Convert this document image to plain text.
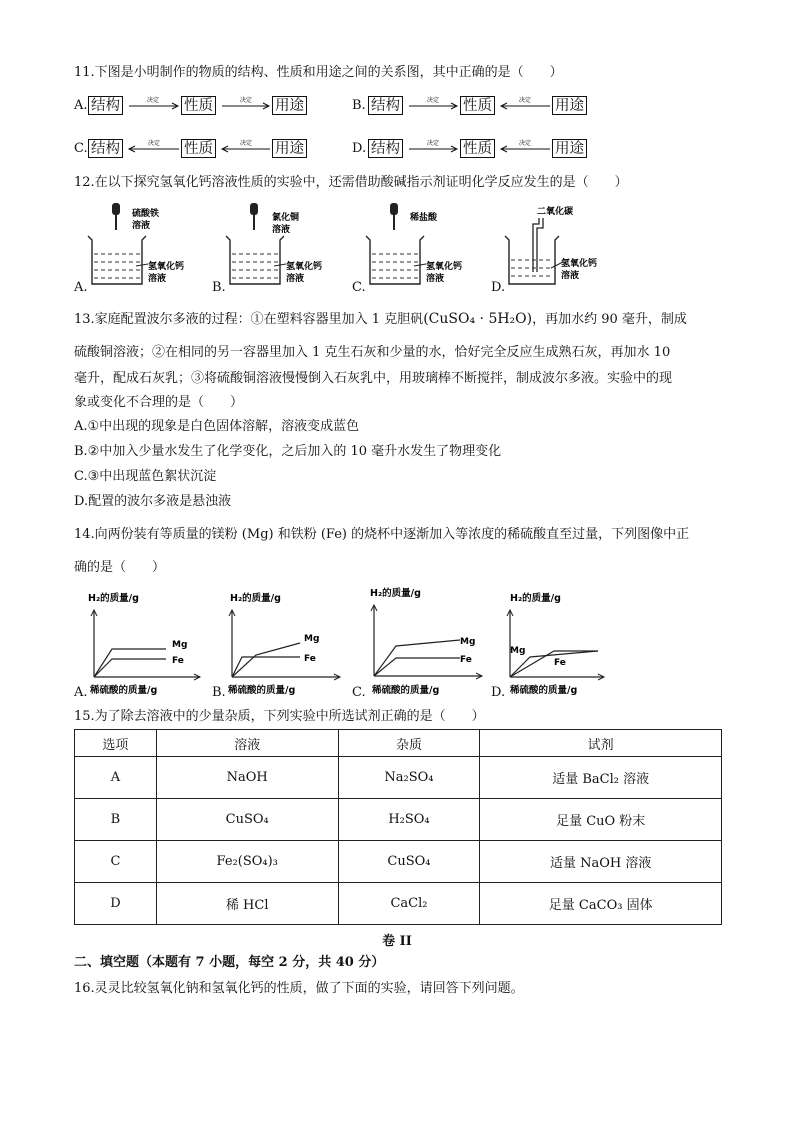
11.下图是小明制作的物质的结构、性质和用途之间的关系图，其中正确的是（　　）
A. 结构	性质	用途
决定	决定	B. 结构	性质	用途
决定	决定
C. 结构	性质	用途
决定	决定	D. 结构	性质	用途
决定	决定
12.在以下探究氢氧化钙溶液性质的实验中，还需借助酸碱指示剂证明化学反应发生的是（　　）
A.
硫酸铁
溶液
氢氧化钙
溶液
B.
氯化铜
溶液
氢氧化钙
溶液
C.
稀盐酸
氢氧化钙
溶液
D.
二氧化碳
氢氧化钙
溶液
13.家庭配置波尔多液的过程：①在塑料容器里加入 1 克胆矾(CuSO₄ · 5H₂O)，再加水约 90 毫升，制成
硫酸铜溶液；②在相同的另一容器里加入 1 克生石灰和少量的水，恰好完全反应生成熟石灰，再加水 10
毫升，配成石灰乳；③将硫酸铜溶液慢慢倒入石灰乳中，用玻璃棒不断搅拌，制成波尔多液。实验中的现
象或变化不合理的是（　　）
A.①中出现的现象是白色固体溶解，溶液变成蓝色
B.②中加入少量水发生了化学变化，之后加入的 10 毫升水发生了物理变化
C.③中出现蓝色絮状沉淀
D.配置的波尔多液是悬浊液
14.向两份装有等质量的镁粉 (Mg) 和铁粉 (Fe) 的烧杯中逐渐加入等浓度的稀硫酸直至过量，下列图像中正
确的是（　　）
A.
H₂的质量/g
Mg
Fe
稀硫酸的质量/g	B.
H₂的质量/g
Mg
Fe
稀硫酸的质量/g	C.
H₂的质量/g
Mg
Fe
稀硫酸的质量/g	D.
H₂的质量/g
Mg
Fe
稀硫酸的质量/g
15.为了除去溶液中的少量杂质，下列实验中所选试剂正确的是（　　）
选项	溶液	杂质	试剂
A	NaOH	Na₂SO₄	适量 BaCl₂ 溶液
B	CuSO₄	H₂SO₄	足量 CuO 粉末
C	Fe₂(SO₄)₃	CuSO₄	适量 NaOH 溶液
D	稀 HCl	CaCl₂	足量 CaCO₃ 固体
卷 II
二、填空题（本题有 7 小题，每空 2 分，共 40 分）
16.灵灵比较氢氧化钠和氢氧化钙的性质，做了下面的实验，请回答下列问题。
